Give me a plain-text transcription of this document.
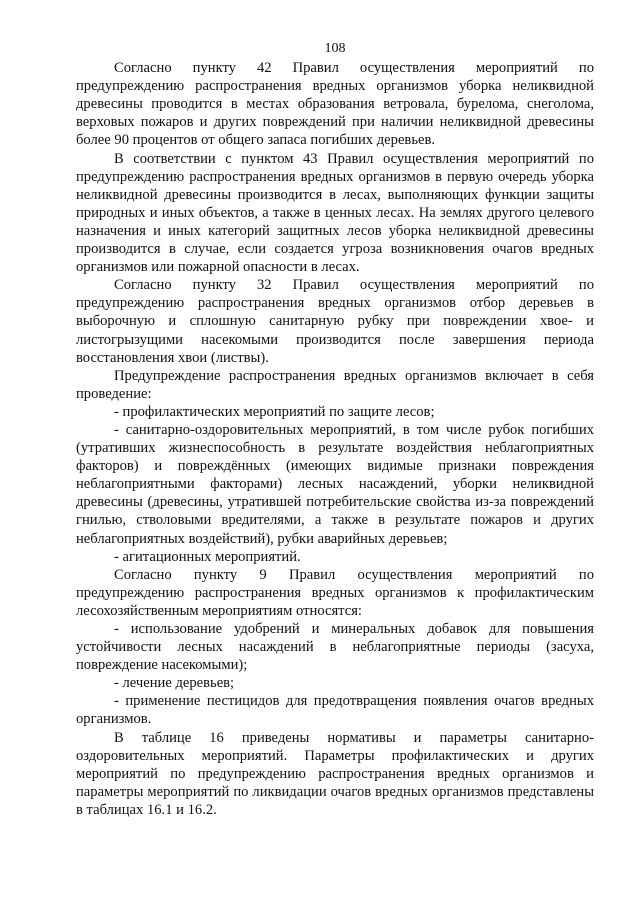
108

Согласно пункту 42 Правил осуществления мероприятий по предупреждению распространения вредных организмов уборка неликвидной древесины проводится в местах образования ветровала, бурелома, снеголома, верховых пожаров и других повреждений при наличии неликвидной древесины более 90 процентов от общего запаса погибших деревьев.

В соответствии с пунктом 43 Правил осуществления мероприятий по предупреждению распространения вредных организмов в первую очередь уборка неликвидной древесины производится в лесах, выполняющих функции защиты природных и иных объектов, а также в ценных лесах. На землях другого целевого назначения и иных категорий защитных лесов уборка неликвидной древесины производится в случае, если создается угроза возникновения очагов вредных организмов или пожарной опасности в лесах.

Согласно пункту 32 Правил осуществления мероприятий по предупреждению распространения вредных организмов отбор деревьев в выборочную и сплошную санитарную рубку при повреждении хвое- и листогрызущими насекомыми производится после завершения периода восстановления хвои (листвы).

Предупреждение распространения вредных организмов включает в себя проведение:

- профилактических мероприятий по защите лесов;

- санитарно-оздоровительных мероприятий, в том числе рубок погибших (утративших жизнеспособность в результате воздействия неблагоприятных факторов) и повреждённых (имеющих видимые признаки повреждения неблагоприятными факторами) лесных насаждений, уборки неликвидной древесины (древесины, утратившей потребительские свойства из-за повреждений гнилью, стволовыми вредителями, а также в результате пожаров и других неблагоприятных воздействий), рубки аварийных деревьев;

- агитационных мероприятий.

Согласно пункту 9 Правил осуществления мероприятий по предупреждению распространения вредных организмов к профилактическим лесохозяйственным мероприятиям относятся:

- использование удобрений и минеральных добавок для повышения устойчивости лесных насаждений в неблагоприятные периоды (засуха, повреждение насекомыми);

- лечение деревьев;

- применение пестицидов для предотвращения появления очагов вредных организмов.

В таблице 16 приведены нормативы и параметры санитарно-оздоровительных мероприятий. Параметры профилактических и других мероприятий по предупреждению распространения вредных организмов и параметры мероприятий по ликвидации очагов вредных организмов представлены в таблицах 16.1 и 16.2.
